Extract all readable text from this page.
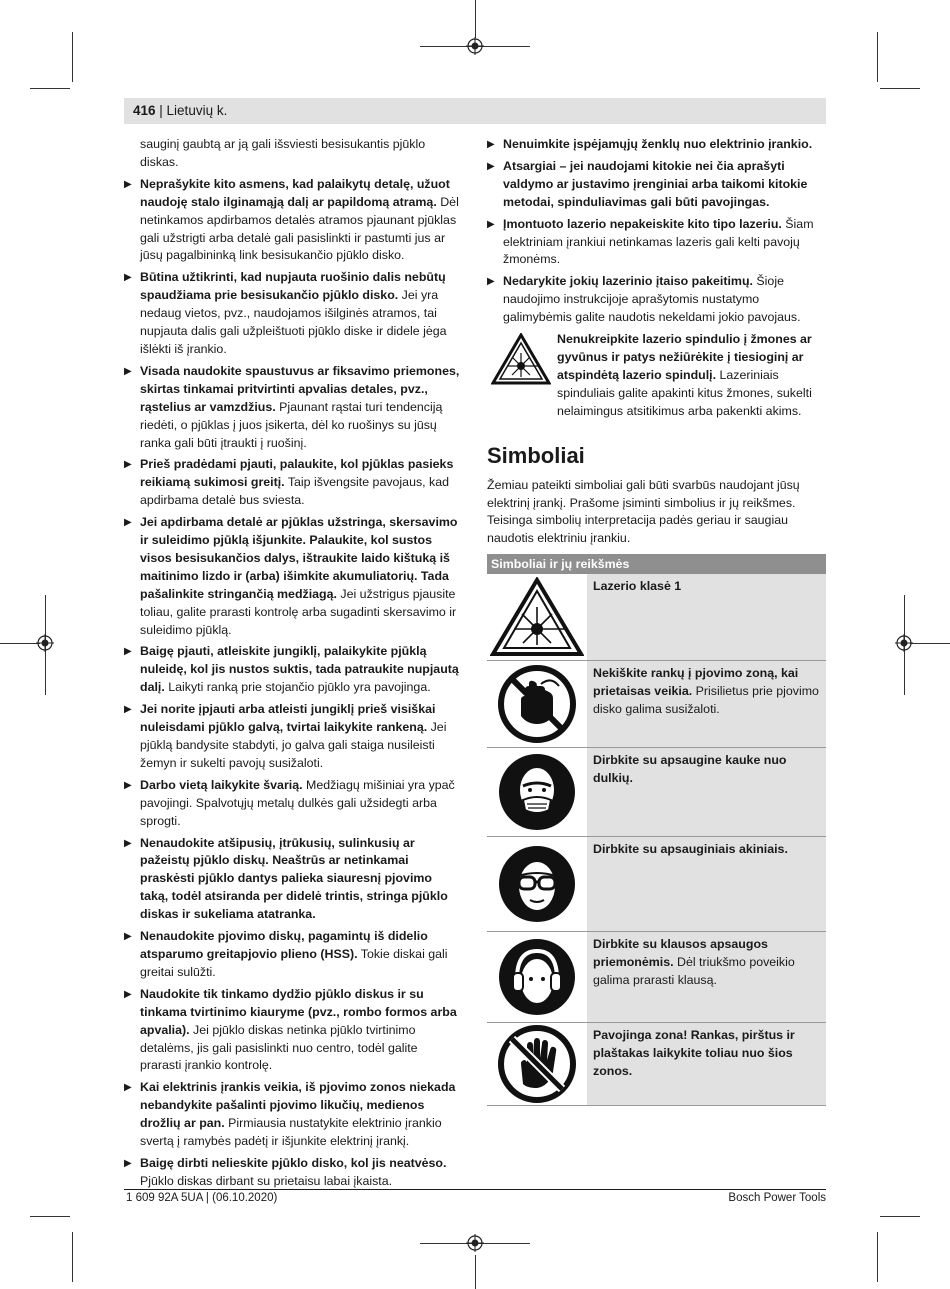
416 | Lietuvių k.
sauginį gaubtą ar ją gali išsviesti besisukantis pjūklo diskas.
▶ Neprašykite kito asmens, kad palaikytų detalę, užuot naudoję stalo ilginamąją dalį ar papildomą atramą. Dėl netinkamos apdirbamos detalės atramos pjaunant pjūklas gali užstrigti arba detalė gali pasislinkti ir pastumti jus ar jūsų pagalbininką link besisukančio pjūklo disko.
▶ Būtina užtikrinti, kad nupjauta ruošinio dalis nebūtų spaudžiama prie besisukančio pjūklo disko. Jei yra nedaug vietos, pvz., naudojamos išilginės atramos, tai nupjauta dalis gali užpleištuoti pjūklo diske ir didele jėga išlėkti iš įrankio.
▶ Visada naudokite spaustuvus ar fiksavimo priemones, skirtas tinkamai pritvirtinti apvalias detales, pvz., rąstelius ar vamzdžius. Pjaunant rąstai turi tendenciją riedėti, o pjūklas į juos įsikerta, dėl ko ruošinys su jūsų ranka gali būti įtraukti į ruošinį.
▶ Prieš pradėdami pjauti, palaukite, kol pjūklas pasieks reikiamą sukimosi greitį. Taip išvengsite pavojaus, kad apdirbama detalė bus sviesta.
▶ Jei apdirbama detalė ar pjūklas užstringa, skersavimo ir suleidimo pjūklą išjunkite. Palaukite, kol sustos visos besisukančios dalys, ištraukite laido kištuką iš maitinimo lizdo ir (arba) išimkite akumuliatorių. Tada pašalinkite stringančią medžiagą. Jei užstrigus pjausite toliau, galite prarasti kontrolę arba sugadinti skersavimo ir suleidimo pjūklą.
▶ Baigę pjauti, atleiskite jungiklį, palaikykite pjūklą nuleidę, kol jis nustos suktis, tada patraukite nupjautą dalį. Laikyti ranką prie stojančio pjūklo yra pavojinga.
▶ Jei norite įpjauti arba atleisti jungiklį prieš visiškai nuleisdami pjūklo galvą, tvirtai laikykite rankeną. Jei pjūklą bandysite stabdyti, jo galva gali staiga nusileisti žemyn ir sukelti pavojų susižaloti.
▶ Darbo vietą laikykite švarią. Medžiagų mišiniai yra ypač pavojingi. Spalvotųjų metalų dulkės gali užsidegti arba sprogti.
▶ Nenaudokite atšipusių, įtrūkusių, sulinkusių ar pažeistų pjūklo diskų. Neaštrūs ar netinkamai praskėsti pjūklo dantys palieka siauresnį pjovimo taką, todėl atsiranda per didelė trintis, stringa pjūklo diskas ir sukeliama atatranka.
▶ Nenaudokite pjovimo diskų, pagamintų iš didelio atsparumo greitapjovio plieno (HSS). Tokie diskai gali greitai sulūžti.
▶ Naudokite tik tinkamo dydžio pjūklo diskus ir su tinkama tvirtinimo kiauryme (pvz., rombo formos arba apvalia). Jei pjūklo diskas netinka pjūklo tvirtinimo detalėms, jis gali pasislinkti nuo centro, todėl galite prarasti įrankio kontrolę.
▶ Kai elektrinis įrankis veikia, iš pjovimo zonos niekada nebandykite pašalinti pjovimo likučių, medienos drožlių ar pan. Pirmiausia nustatykite elektrinio įrankio svertą į ramybės padėtį ir išjunkite elektrinį įrankį.
▶ Baigę dirbti nelieskite pjūklo disko, kol jis neatvėso. Pjūklo diskas dirbant su prietaisu labai įkaista.
▶ Nenuimkite įspėjamųjų ženklų nuo elektrinio įrankio.
▶ Atsargiai – jei naudojami kitokie nei čia aprašyti valdymo ar justavimo įrenginiai arba taikomi kitokie metodai, spinduliavimas gali būti pavojingas.
▶ Įmontuoto lazerio nepakeiskite kito tipo lazeriu. Šiam elektriniam įrankiui netinkamas lazeris gali kelti pavojų žmonėms.
▶ Nedarykite jokių lazerinio įtaiso pakeitimų. Šioje naudojimo instrukcijoje aprašytomis nustatymo galimybėmis galite naudotis nekeldami jokio pavojaus.
Nenukreipkite lazerio spindulio į žmones ar gyvūnus ir patys nežiūrėkite į tiesioginį ar atspindėtą lazerio spindulį. Lazeriniais spinduliais galite apakinti kitus žmones, sukelti nelaimingus atsitikimus arba pakenkti akims.
Simboliai
Žemiau pateikti simboliai gali būti svarbūs naudojant jūsų elektrinį įrankį. Prašome įsiminti simbolius ir jų reikšmes. Teisinga simbolių interpretacija padės geriau ir saugiau naudotis elektriniu įrankiu.
Simboliai ir jų reikšmės
Lazerio klasė 1
Nekiškite rankų į pjovimo zoną, kai prietaisas veikia. Prisilietus prie pjovimo disko galima susižaloti.
Dirbkite su apsaugine kauke nuo dulkių.
Dirbkite su apsauginiais akiniais.
Dirbkite su klausos apsaugos priemonėmis. Dėl triukšmo poveikio galima prarasti klausą.
Pavojinga zona! Rankas, pirštus ir plaštakas laikykite toliau nuo šios zonos.
1 609 92A 5UA | (06.10.2020)	Bosch Power Tools
